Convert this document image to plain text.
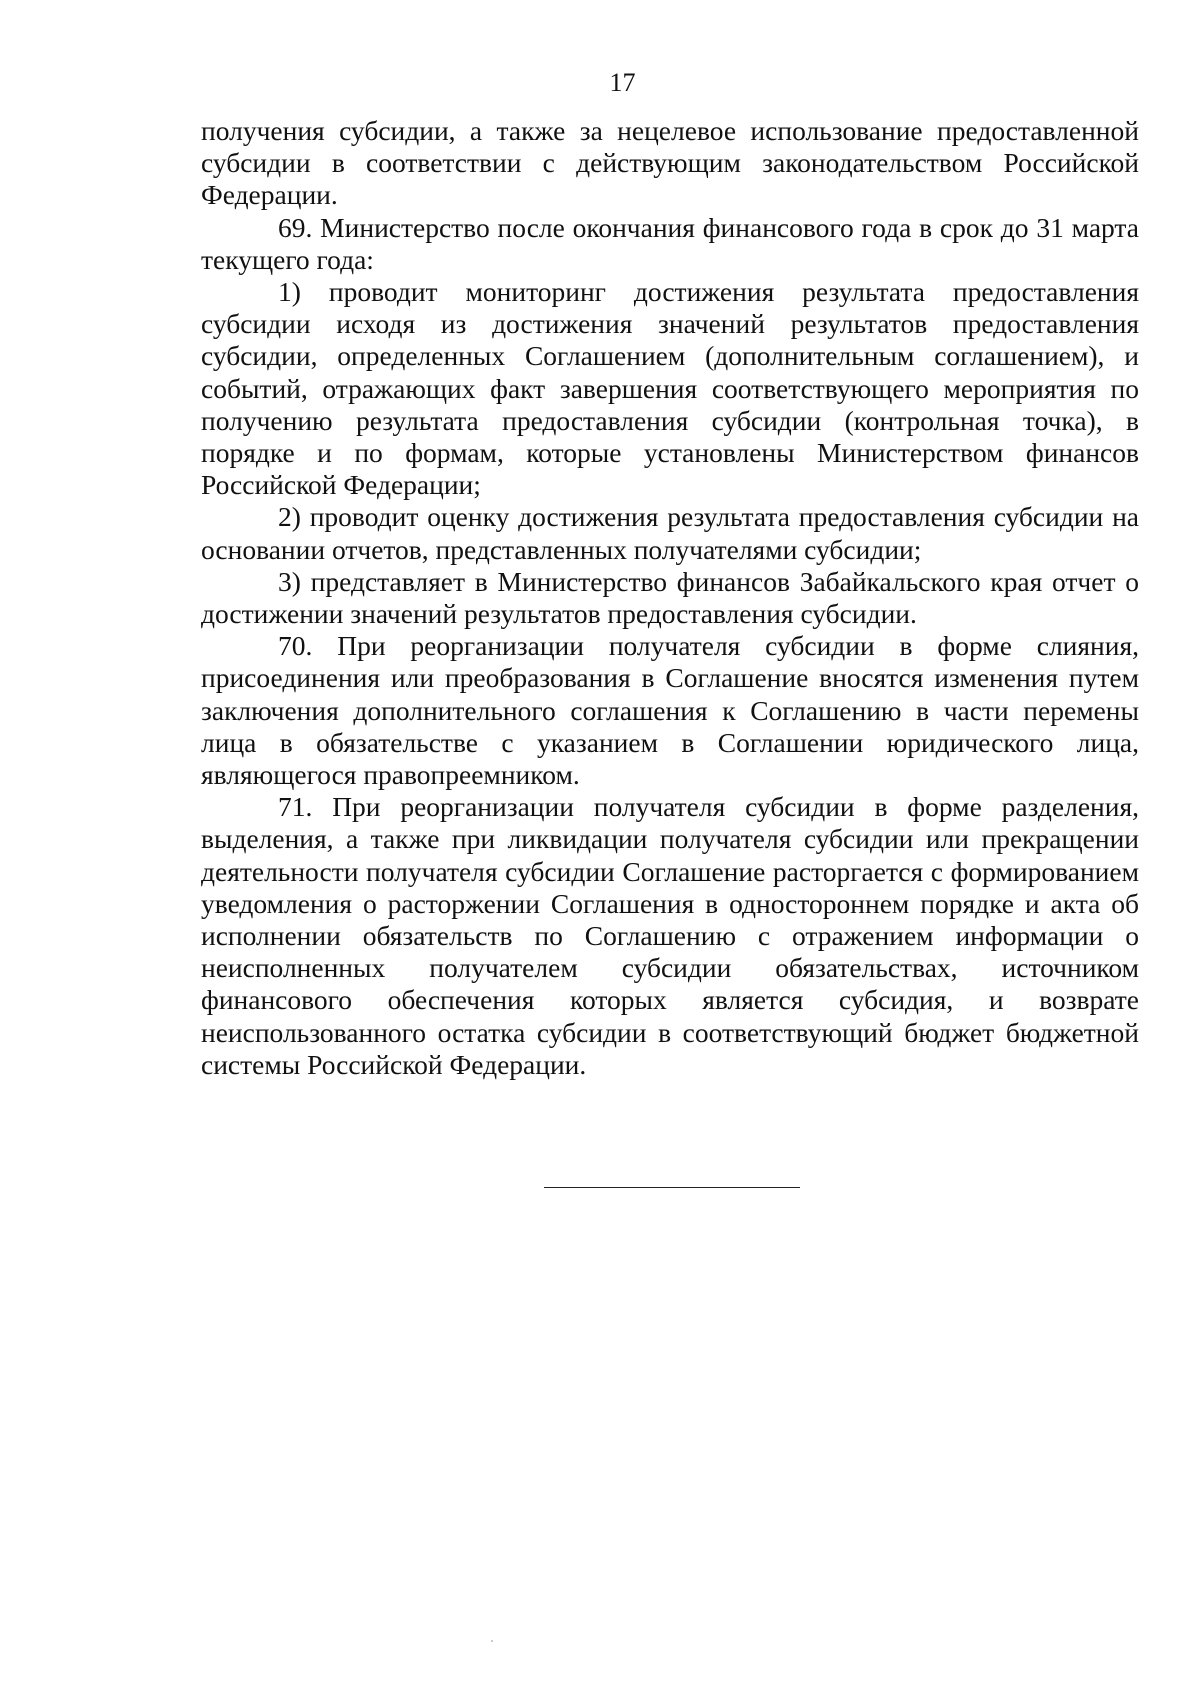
17

получения субсидии, а также за нецелевое использование предоставленной субсидии в соответствии с действующим законодательством Российской Федерации.

69. Министерство после окончания финансового года в срок до 31 марта текущего года:

1) проводит мониторинг достижения результата предоставления субсидии исходя из достижения значений результатов предоставления субсидии, определенных Соглашением (дополнительным соглашением), и событий, отражающих факт завершения соответствующего мероприятия по получению результата предоставления субсидии (контрольная точка), в порядке и по формам, которые установлены Министерством финансов Российской Федерации;

2) проводит оценку достижения результата предоставления субсидии на основании отчетов, представленных получателями субсидии;

3) представляет в Министерство финансов Забайкальского края отчет о достижении значений результатов предоставления субсидии.

70. При реорганизации получателя субсидии в форме слияния, присоединения или преобразования в Соглашение вносятся изменения путем заключения дополнительного соглашения к Соглашению в части перемены лица в обязательстве с указанием в Соглашении юридического лица, являющегося правопреемником.

71. При реорганизации получателя субсидии в форме разделения, выделения, а также при ликвидации получателя субсидии или прекращении деятельности получателя субсидии Соглашение расторгается с формированием уведомления о расторжении Соглашения в одностороннем порядке и акта об исполнении обязательств по Соглашению с отражением информации о неисполненных получателем субсидии обязательствах, источником финансового обеспечения которых является субсидия, и возврате неиспользованного остатка субсидии в соответствующий бюджет бюджетной системы Российской Федерации.
